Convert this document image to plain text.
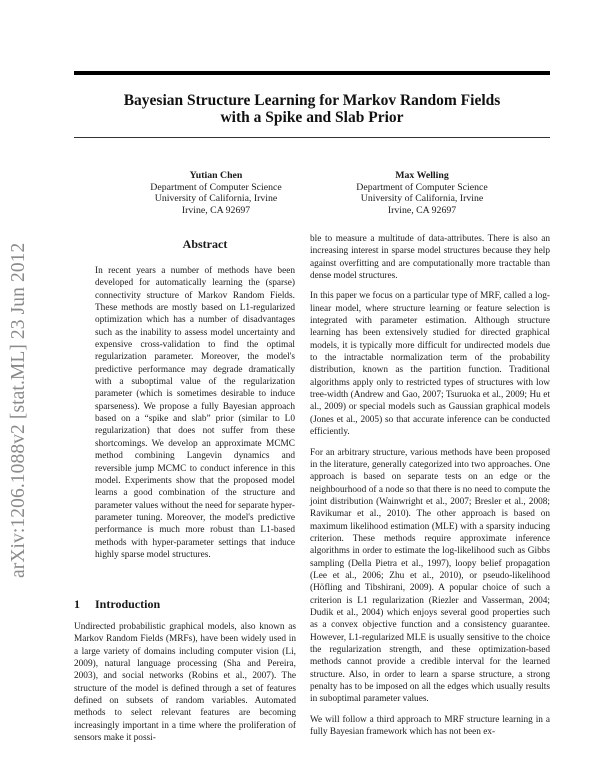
arXiv:1206.1088v2 [stat.ML] 23 Jun 2012
Bayesian Structure Learning for Markov Random Fields
with a Spike and Slab Prior
Yutian Chen
Department of Computer Science
University of California, Irvine
Irvine, CA 92697
Max Welling
Department of Computer Science
University of California, Irvine
Irvine, CA 92697
Abstract

In recent years a number of methods have been developed for automatically learning the (sparse) connectivity structure of Markov Random Fields. These methods are mostly based on L1-regularized optimization which has a number of disadvantages such as the inability to assess model uncertainty and expensive cross-validation to find the optimal regularization parameter. Moreover, the model's predictive performance may degrade dramatically with a suboptimal value of the regularization parameter (which is sometimes desirable to induce sparseness). We propose a fully Bayesian approach based on a “spike and slab” prior (similar to L0 regularization) that does not suffer from these shortcomings. We develop an approximate MCMC method combining Langevin dynamics and reversible jump MCMC to conduct inference in this model. Experiments show that the proposed model learns a good combination of the structure and parameter values without the need for separate hyper-parameter tuning. Moreover, the model's predictive performance is much more robust than L1-based methods with hyper-parameter settings that induce highly sparse model structures.

1 Introduction

Undirected probabilistic graphical models, also known as Markov Random Fields (MRFs), have been widely used in a large variety of domains including computer vision (Li, 2009), natural language processing (Sha and Pereira, 2003), and social networks (Robins et al., 2007). The structure of the model is defined through a set of features defined on subsets of random variables. Automated methods to select relevant features are becoming increasingly important in a time where the proliferation of sensors make it possi-

ble to measure a multitude of data-attributes. There is also an increasing interest in sparse model structures because they help against overfitting and are computationally more tractable than dense model structures.

In this paper we focus on a particular type of MRF, called a log-linear model, where structure learning or feature selection is integrated with parameter estimation. Although structure learning has been extensively studied for directed graphical models, it is typically more difficult for undirected models due to the intractable normalization term of the probability distribution, known as the partition function. Traditional algorithms apply only to restricted types of structures with low tree-width (Andrew and Gao, 2007; Tsuruoka et al., 2009; Hu et al., 2009) or special models such as Gaussian graphical models (Jones et al., 2005) so that accurate inference can be conducted efficiently.

For an arbitrary structure, various methods have been proposed in the literature, generally categorized into two approaches. One approach is based on separate tests on an edge or the neighbourhood of a node so that there is no need to compute the joint distribution (Wainwright et al., 2007; Bresler et al., 2008; Ravikumar et al., 2010). The other approach is based on maximum likelihood estimation (MLE) with a sparsity inducing criterion. These methods require approximate inference algorithms in order to estimate the log-likelihood such as Gibbs sampling (Della Pietra et al., 1997), loopy belief propagation (Lee et al., 2006; Zhu et al., 2010), or pseudo-likelihood (Höfling and Tibshirani, 2009). A popular choice of such a criterion is L1 regularization (Riezler and Vasserman, 2004; Dudik et al., 2004) which enjoys several good properties such as a convex objective function and a consistency guarantee. However, L1-regularized MLE is usually sensitive to the choice the regularization strength, and these optimization-based methods cannot provide a credible interval for the learned structure. Also, in order to learn a sparse structure, a strong penalty has to be imposed on all the edges which usually results in suboptimal parameter values.

We will follow a third approach to MRF structure learning in a fully Bayesian framework which has not been ex-
